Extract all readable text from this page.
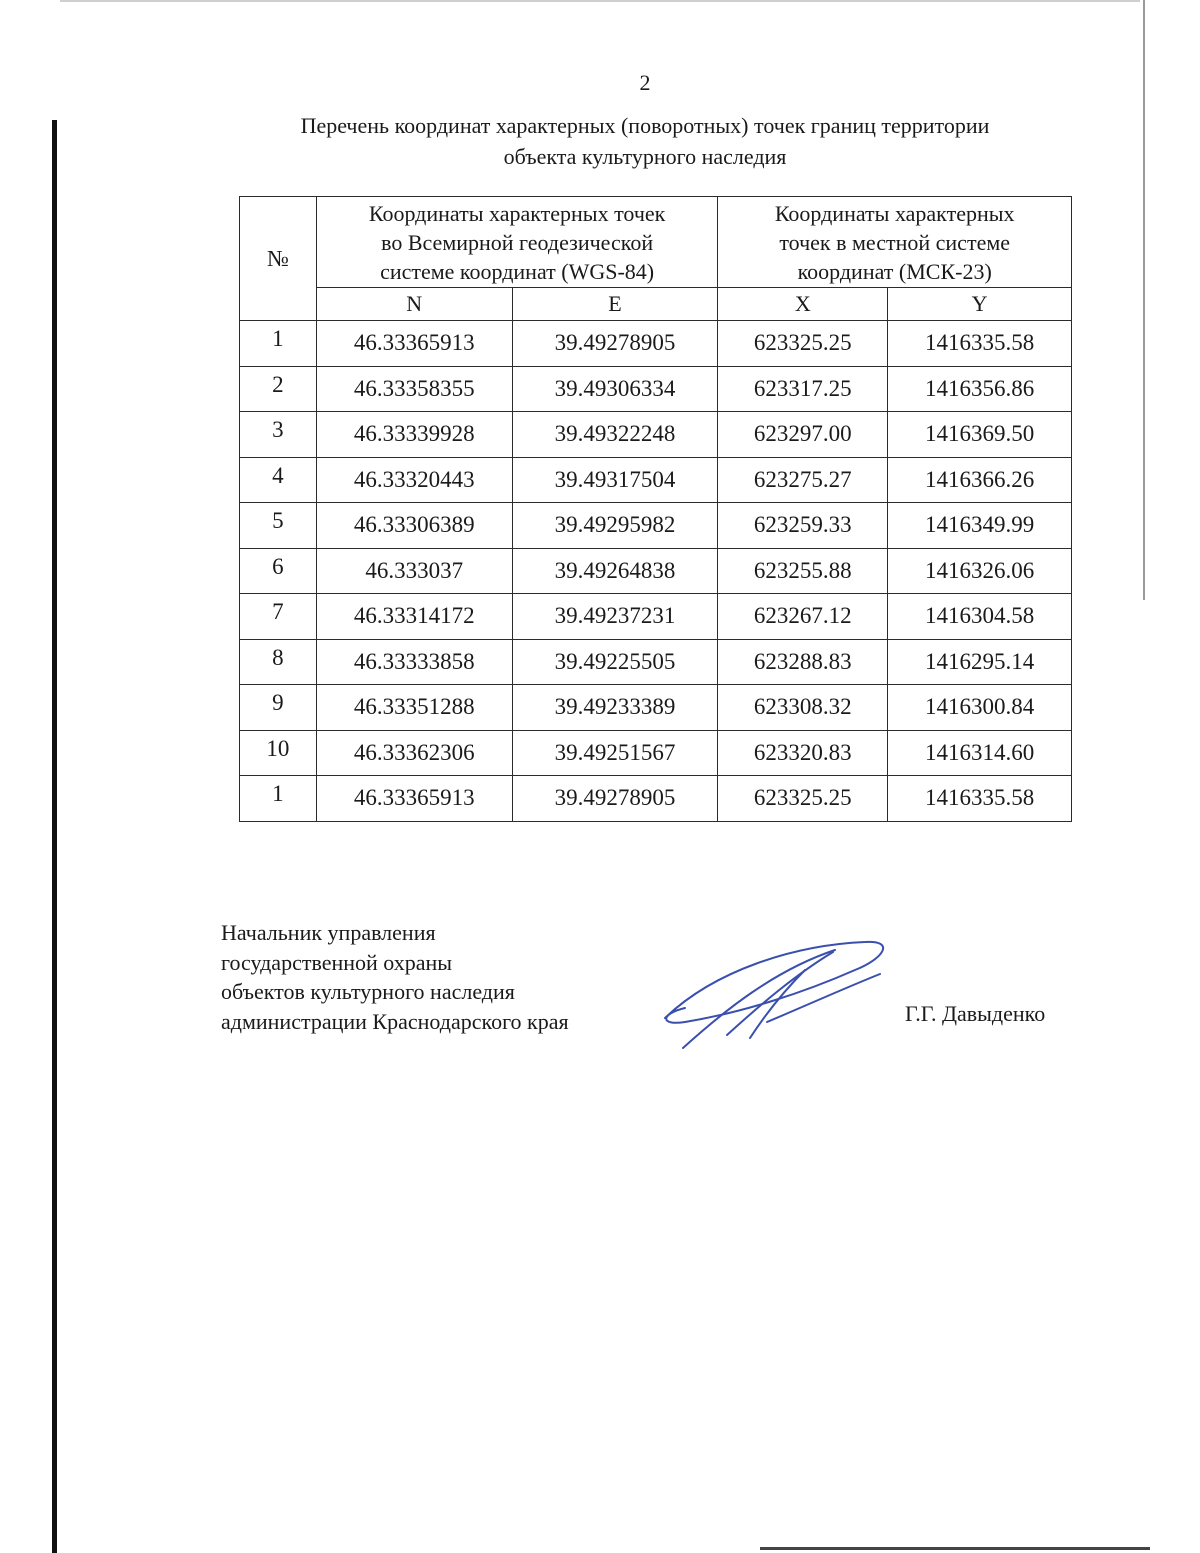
2
Перечень координат характерных (поворотных) точек границ территории
объекта культурного наследия
№	Координаты характерных точек
во Всемирной геодезической
системе координат (WGS-84)		Координаты характерных
точек в местной системе
координат (МСК-23)	

	N	E	X	Y
1	46.33365913	39.49278905	623325.25	1416335.58
2	46.33358355	39.49306334	623317.25	1416356.86
3	46.33339928	39.49322248	623297.00	1416369.50
4	46.33320443	39.49317504	623275.27	1416366.26
5	46.33306389	39.49295982	623259.33	1416349.99
6	46.333037	39.49264838	623255.88	1416326.06
7	46.33314172	39.49237231	623267.12	1416304.58
8	46.33333858	39.49225505	623288.83	1416295.14
9	46.33351288	39.49233389	623308.32	1416300.84
10	46.33362306	39.49251567	623320.83	1416314.60
1	46.33365913	39.49278905	623325.25	1416335.58
Начальник управления
государственной охраны
объектов культурного наследия
администрации Краснодарского края	Г.Г. Давыденко
